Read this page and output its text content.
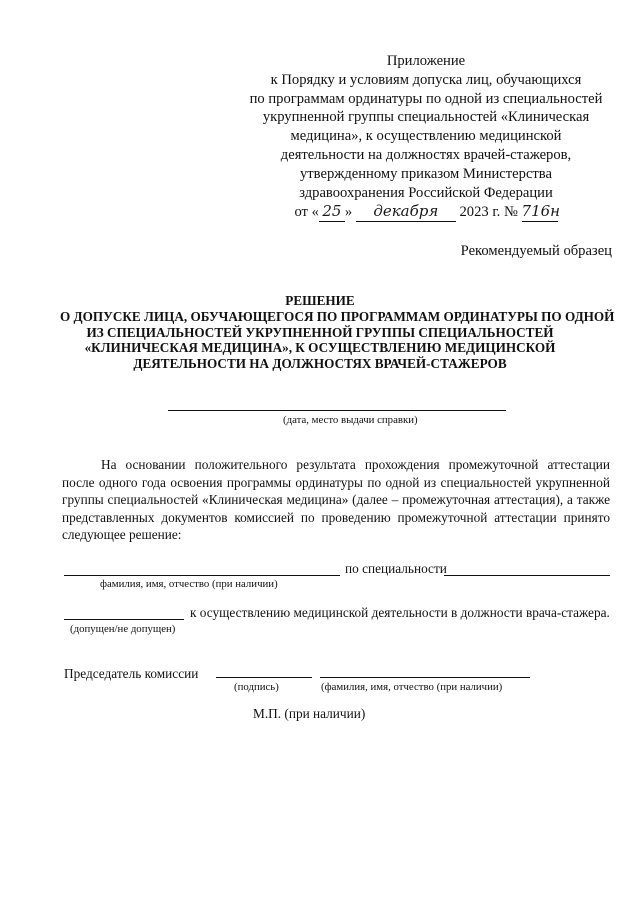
Приложение
к Порядку и условиям допуска лиц, обучающихся
по программам ординатуры по одной из специальностей
укрупненной группы специальностей «Клиническая
медицина», к осуществлению медицинской
деятельности на должностях врачей-стажеров,
утвержденному приказом Министерства
здравоохранения Российской Федерации
от « 25 » декабря 2023 г. № 716н
Рекомендуемый образец
РЕШЕНИЕ
О ДОПУСКЕ ЛИЦА, ОБУЧАЮЩЕГОСЯ ПО ПРОГРАММАМ ОРДИНАТУРЫ ПО ОДНОЙ
ИЗ СПЕЦИАЛЬНОСТЕЙ УКРУПНЕННОЙ ГРУППЫ СПЕЦИАЛЬНОСТЕЙ
«КЛИНИЧЕСКАЯ МЕДИЦИНА», К ОСУЩЕСТВЛЕНИЮ МЕДИЦИНСКОЙ
ДЕЯТЕЛЬНОСТИ НА ДОЛЖНОСТЯХ ВРАЧЕЙ-СТАЖЕРОВ
(дата, место выдачи справки)
На основании положительного результата прохождения промежуточной аттестации после одного года освоения программы ординатуры по одной из специальностей укрупненной группы специальностей «Клиническая медицина» (далее – промежуточная аттестация), а также представленных документов комиссией по проведению промежуточной аттестации принято следующее решение:
по специальности
фамилия, имя, отчество (при наличии)
к осуществлению медицинской деятельности в должности врача-стажера.
(допущен/не допущен)
Председатель комиссии
(подпись)	(фамилия, имя, отчество (при наличии)
М.П. (при наличии)
